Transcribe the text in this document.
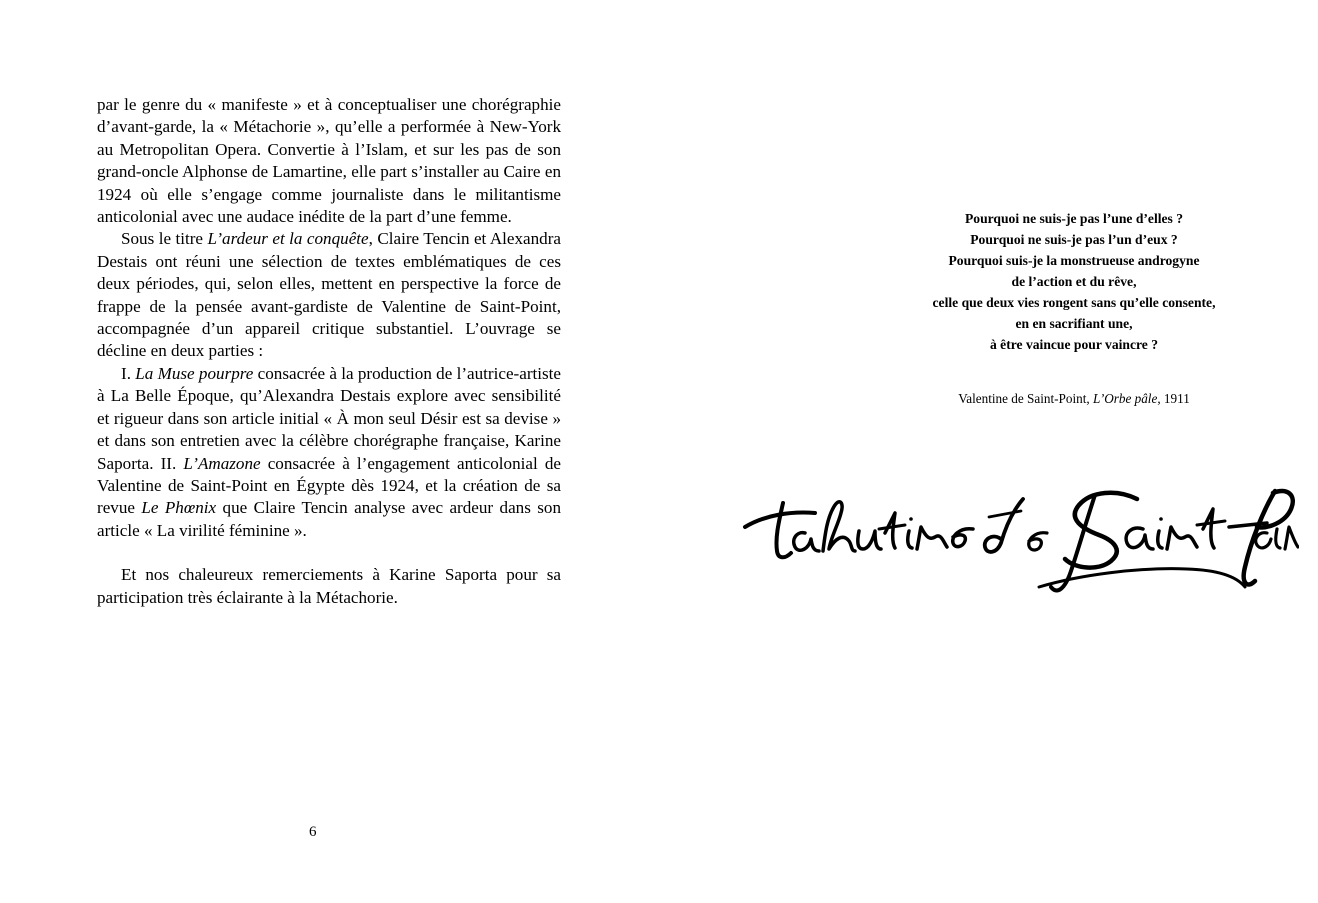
par le genre du « manifeste » et à conceptualiser une chorégraphie d’avant-garde, la « Métachorie », qu’elle a performée à New-York au Metropolitan Opera. Convertie à l’Islam, et sur les pas de son grand-oncle Alphonse de Lamartine, elle part s’installer au Caire en 1924 où elle s’engage comme journaliste dans le militantisme anticolonial avec une audace inédite de la part d’une femme.

Sous le titre L’ardeur et la conquête, Claire Tencin et Alexandra Destais ont réuni une sélection de textes emblématiques de ces deux périodes, qui, selon elles, mettent en perspective la force de frappe de la pensée avant-gardiste de Valentine de Saint-Point, accompagnée d’un appareil critique substantiel. L’ouvrage se décline en deux parties :

I. La Muse pourpre consacrée à la production de l’autrice-artiste à La Belle Époque, qu’Alexandra Destais explore avec sensibilité et rigueur dans son article initial « À mon seul Désir est sa devise » et dans son entretien avec la célèbre chorégraphe française, Karine Saporta. II. L’Amazone consacrée à l’engagement anticolonial de Valentine de Saint-Point en Égypte dès 1924, et la création de sa revue Le Phœnix que Claire Tencin analyse avec ardeur dans son article « La virilité féminine ».

Et nos chaleureux remerciements à Karine Saporta pour sa participation très éclairante à la Métachorie.

6
Pourquoi ne suis-je pas l’une d’elles ?
Pourquoi ne suis-je pas l’un d’eux ?
Pourquoi suis-je la monstrueuse androgyne
de l’action et du rêve,
celle que deux vies rongent sans qu’elle consente,
en en sacrifiant une,
à être vaincue pour vaincre ?
Valentine de Saint-Point, L’Orbe pâle, 1911
